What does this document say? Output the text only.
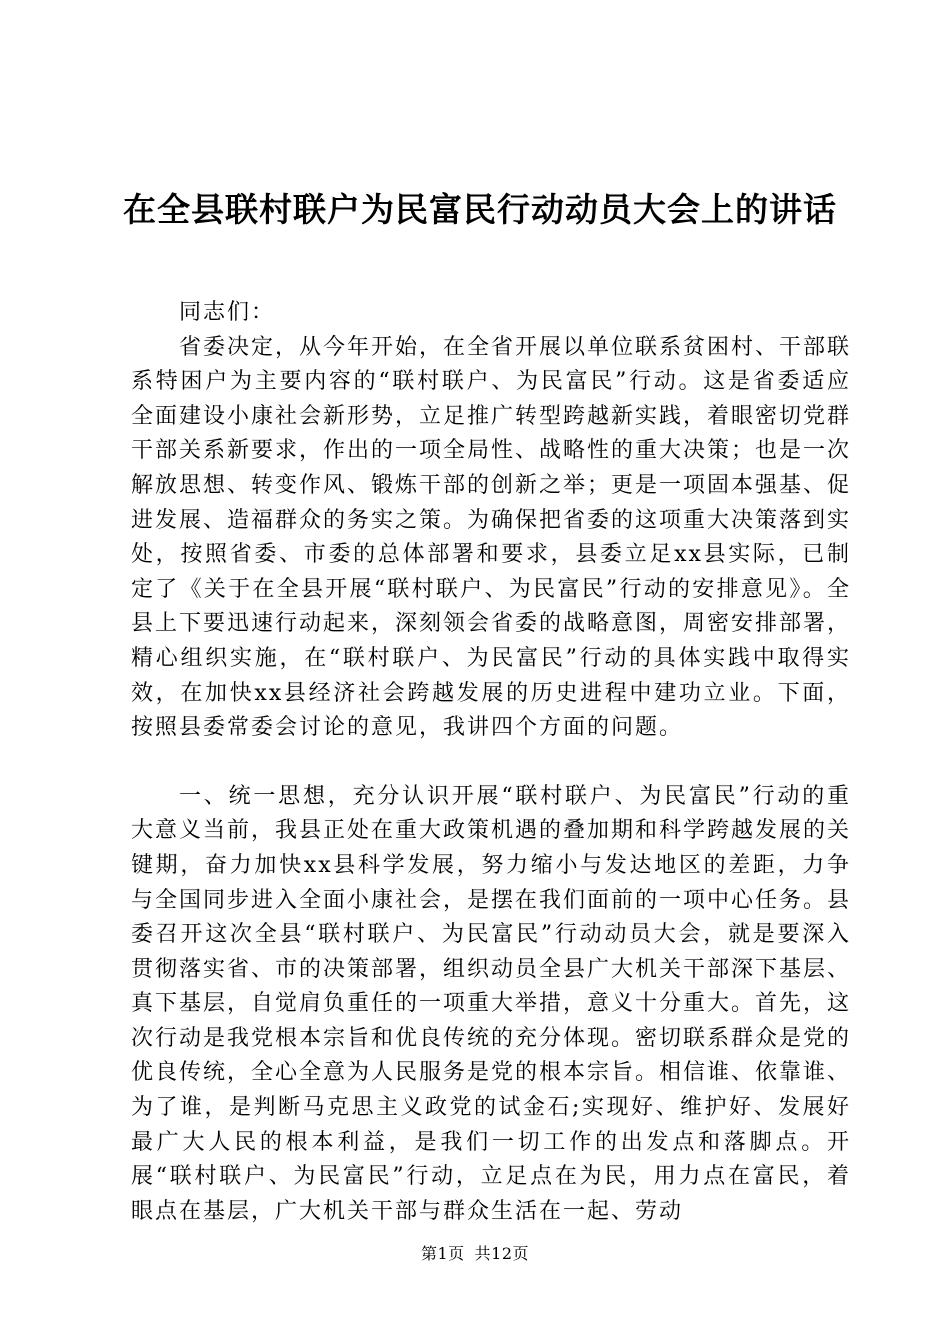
在全县联村联户为民富民行动动员大会上的讲话

同志们：

省委决定，从今年开始，在全省开展以单位联系贫困村、干部联系特困户为主要内容的“联村联户、为民富民”行动。这是省委适应全面建设小康社会新形势，立足推广转型跨越新实践，着眼密切党群干部关系新要求，作出的一项全局性、战略性的重大决策；也是一次解放思想、转变作风、锻炼干部的创新之举；更是一项固本强基、促进发展、造福群众的务实之策。为确保把省委的这项重大决策落到实处，按照省委、市委的总体部署和要求，县委立足xx县实际，已制定了《关于在全县开展“联村联户、为民富民”行动的安排意见》。全县上下要迅速行动起来，深刻领会省委的战略意图，周密安排部署，精心组织实施，在“联村联户、为民富民”行动的具体实践中取得实效，在加快xx县经济社会跨越发展的历史进程中建功立业。下面，按照县委常委会讨论的意见，我讲四个方面的问题。

一、统一思想，充分认识开展“联村联户、为民富民”行动的重大意义当前，我县正处在重大政策机遇的叠加期和科学跨越发展的关键期，奋力加快xx县科学发展，努力缩小与发达地区的差距，力争与全国同步进入全面小康社会，是摆在我们面前的一项中心任务。县委召开这次全县“联村联户、为民富民”行动动员大会，就是要深入贯彻落实省、市的决策部署，组织动员全县广大机关干部深下基层、真下基层，自觉肩负重任的一项重大举措，意义十分重大。首先，这次行动是我党根本宗旨和优良传统的充分体现。密切联系群众是党的优良传统，全心全意为人民服务是党的根本宗旨。相信谁、依靠谁、为了谁，是判断马克思主义政党的试金石;实现好、维护好、发展好最广大人民的根本利益，是我们一切工作的出发点和落脚点。开展“联村联户、为民富民”行动，立足点在为民，用力点在富民，着眼点在基层，广大机关干部与群众生活在一起、劳动

第1页 共12页
